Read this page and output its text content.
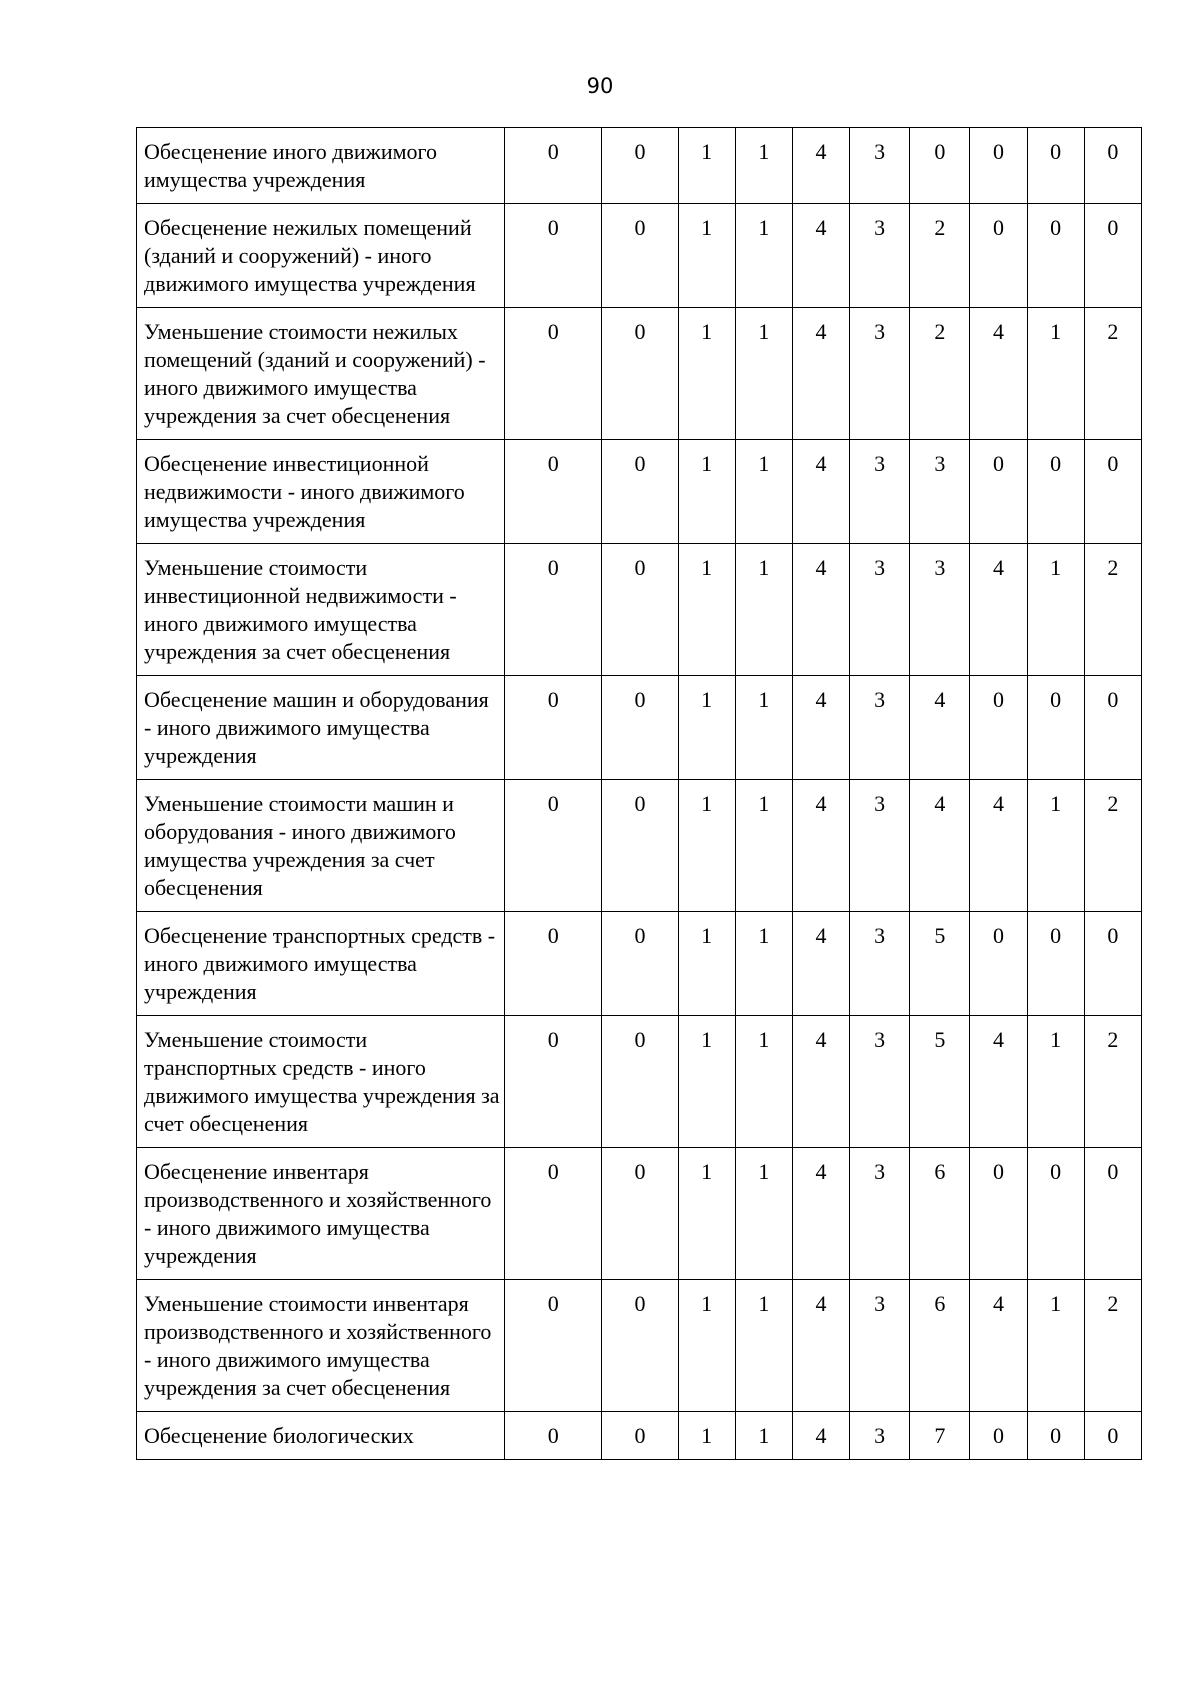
90
Обесценение иного движимого имущества учреждения	0	0	1	1	4	3	0	0	0	0
Обесценение нежилых помещений (зданий и сооружений) - иного движимого имущества учреждения	0	0	1	1	4	3	2	0	0	0
Уменьшение стоимости нежилых помещений (зданий и сооружений) - иного движимого имущества учреждения за счет обесценения	0	0	1	1	4	3	2	4	1	2
Обесценение инвестиционной недвижимости - иного движимого имущества учреждения	0	0	1	1	4	3	3	0	0	0
Уменьшение стоимости инвестиционной недвижимости - иного движимого имущества учреждения за счет обесценения	0	0	1	1	4	3	3	4	1	2
Обесценение машин и оборудования - иного движимого имущества учреждения	0	0	1	1	4	3	4	0	0	0
Уменьшение стоимости машин и оборудования - иного движимого имущества учреждения за счет обесценения	0	0	1	1	4	3	4	4	1	2
Обесценение транспортных средств - иного движимого имущества учреждения	0	0	1	1	4	3	5	0	0	0
Уменьшение стоимости транспортных средств - иного движимого имущества учреждения за счет обесценения	0	0	1	1	4	3	5	4	1	2
Обесценение инвентаря производственного и хозяйственного - иного движимого имущества учреждения	0	0	1	1	4	3	6	0	0	0
Уменьшение стоимости инвентаря производственного и хозяйственного - иного движимого имущества учреждения за счет обесценения	0	0	1	1	4	3	6	4	1	2
Обесценение биологических	0	0	1	1	4	3	7	0	0	0
